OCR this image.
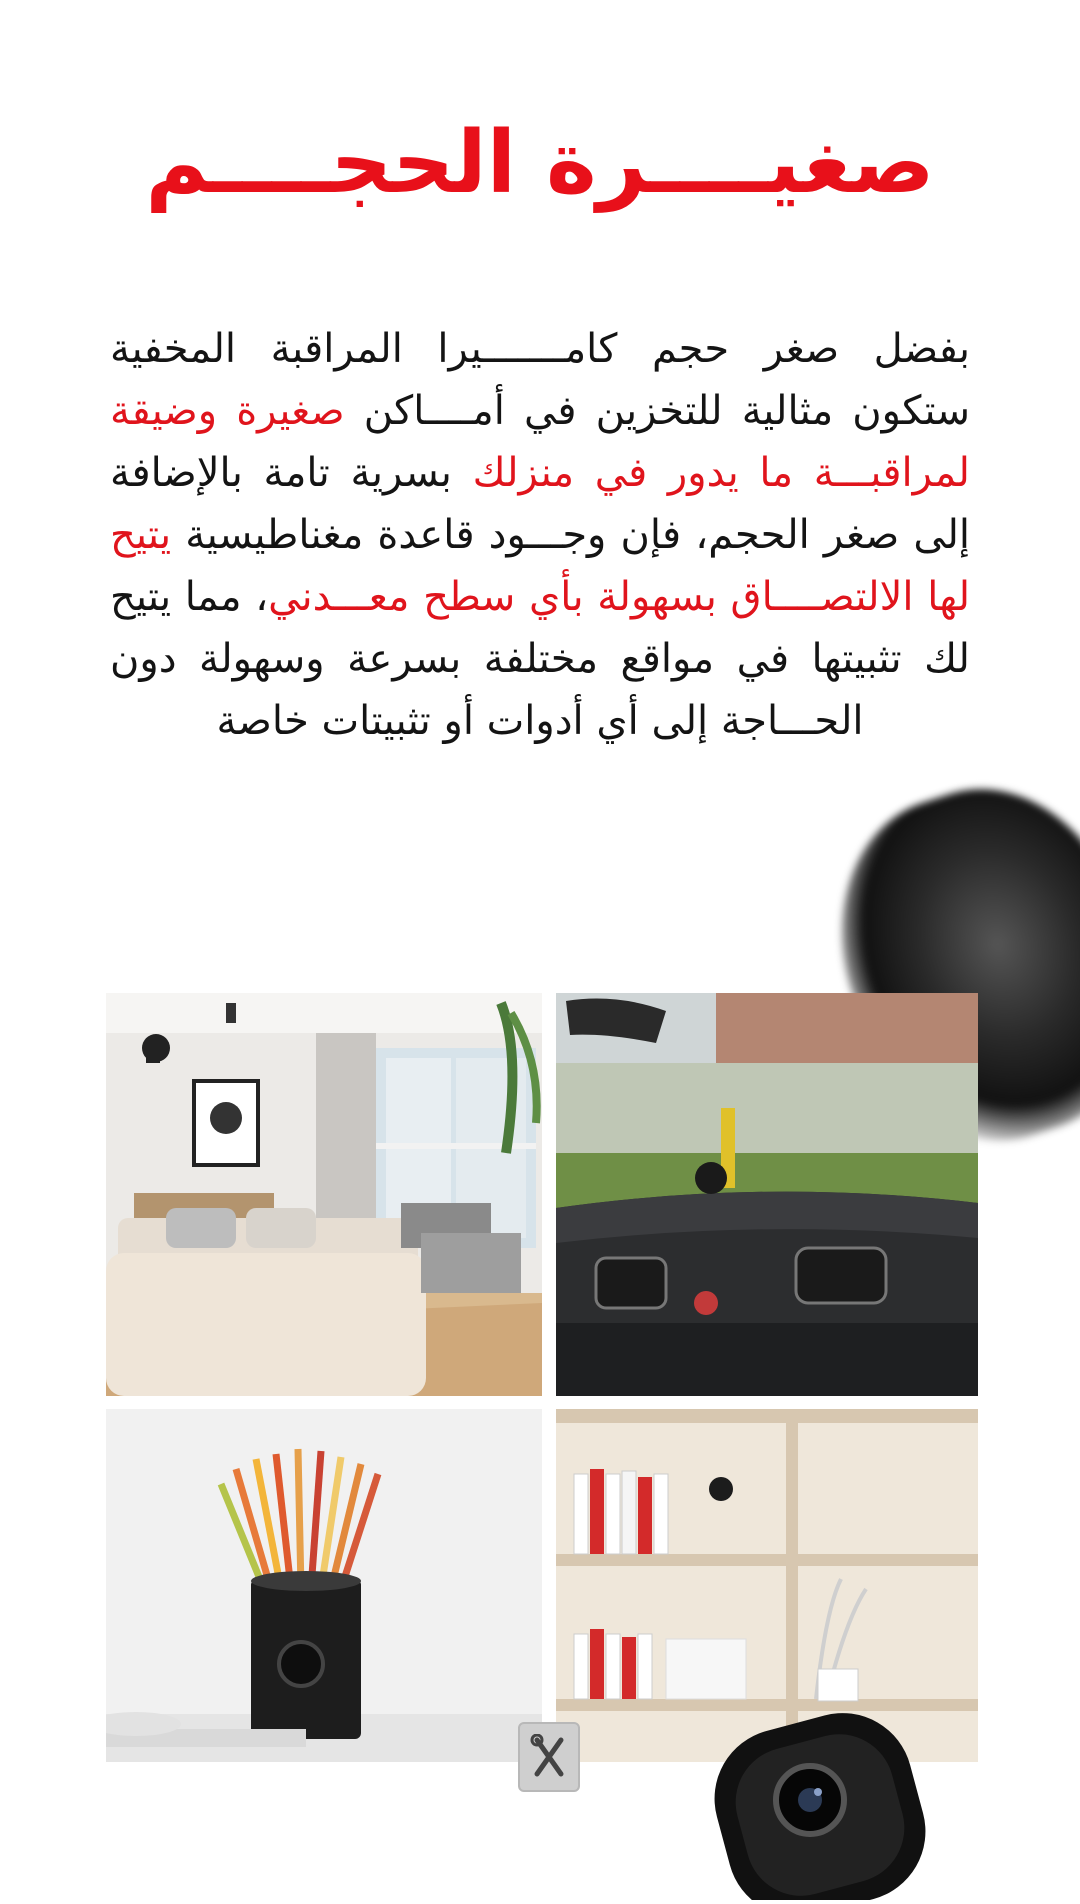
صغيــــرة الحجــــم

بفضل صغر حجم كامـــــــيرا المراقبة المخفية ستكون مثالية للتخزين في أمــــاكن صغيرة وضيقة لمراقبـــة ما يدور في منزلك بسرية تامة بالإضافة إلى صغر الحجم، فإن وجـــود قاعدة مغناطيسية يتيح لها الالتصــــاق بسهولة بأي سطح معـــدني، مما يتيح لك تثبيتها في مواقع مختلفة بسرعة وسهولة دون الحـــاجة إلى أي أدوات أو تثبيتات خاصة
